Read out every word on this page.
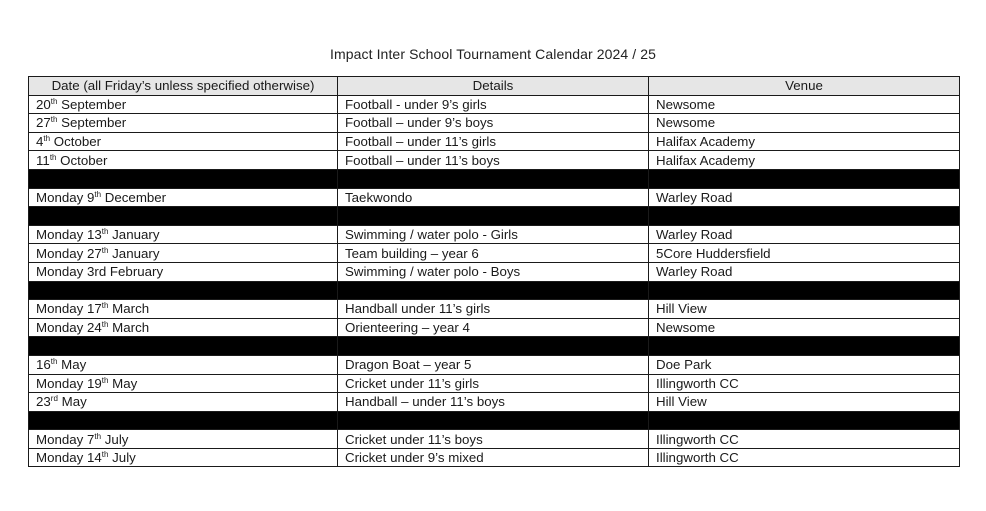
Impact Inter School Tournament Calendar 2024 / 25
Date (all Friday’s unless specified otherwise)	Details	Venue
20th September	Football - under 9’s girls	Newsome
27th September	Football – under 9’s boys	Newsome
4th October	Football – under 11’s girls	Halifax Academy
11th October	Football – under 11’s boys	Halifax Academy

Monday 9th December	Taekwondo	Warley Road

Monday 13th January	Swimming / water polo - Girls	Warley Road
Monday 27th January	Team building – year 6	5Core Huddersfield
Monday 3rd February	Swimming / water polo - Boys	Warley Road

Monday 17th March	Handball under 11’s girls	Hill View
Monday 24th March	Orienteering – year 4	Newsome

16th May	Dragon Boat – year 5	Doe Park
Monday 19th May	Cricket under 11’s girls	Illingworth CC
23rd May	Handball – under 11’s boys	Hill View

Monday 7th July	Cricket under 11’s boys	Illingworth CC
Monday 14th July	Cricket under 9’s mixed	Illingworth CC
